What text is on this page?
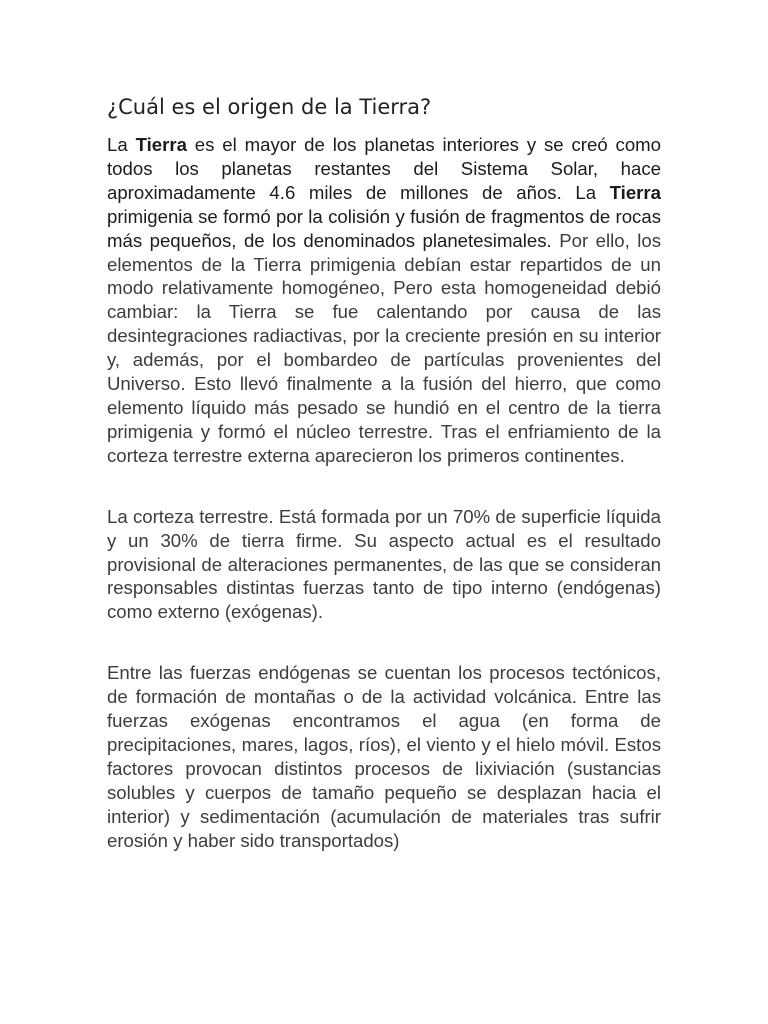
¿Cuál es el origen de la Tierra?

La Tierra es el mayor de los planetas interiores y se creó como todos los planetas restantes del Sistema Solar, hace aproximadamente 4.6 miles de millones de años. La Tierra primigenia se formó por la colisión y fusión de fragmentos de rocas más pequeños, de los denominados planetesimales. Por ello, los elementos de la Tierra primigenia debían estar repartidos de un modo relativamente homogéneo, Pero esta homogeneidad debió cambiar: la Tierra se fue calentando por causa de las desintegraciones radiactivas, por la creciente presión en su interior y, además, por el bombardeo de partículas provenientes del Universo. Esto llevó finalmente a la fusión del hierro, que como elemento líquido más pesado se hundió en el centro de la tierra primigenia y formó el núcleo terrestre. Tras el enfriamiento de la corteza terrestre externa aparecieron los primeros continentes.

La corteza terrestre. Está formada por un 70% de superficie líquida y un 30% de tierra firme. Su aspecto actual es el resultado provisional de alteraciones permanentes, de las que se consideran responsables distintas fuerzas tanto de tipo interno (endógenas) como externo (exógenas).

Entre las fuerzas endógenas se cuentan los procesos tectónicos, de formación de montañas o de la actividad volcánica. Entre las fuerzas exógenas encontramos el agua (en forma de precipitaciones, mares, lagos, ríos), el viento y el hielo móvil. Estos factores provocan distintos procesos de lixiviación (sustancias solubles y cuerpos de tamaño pequeño se desplazan hacia el interior) y sedimentación (acumulación de materiales tras sufrir erosión y haber sido transportados)
